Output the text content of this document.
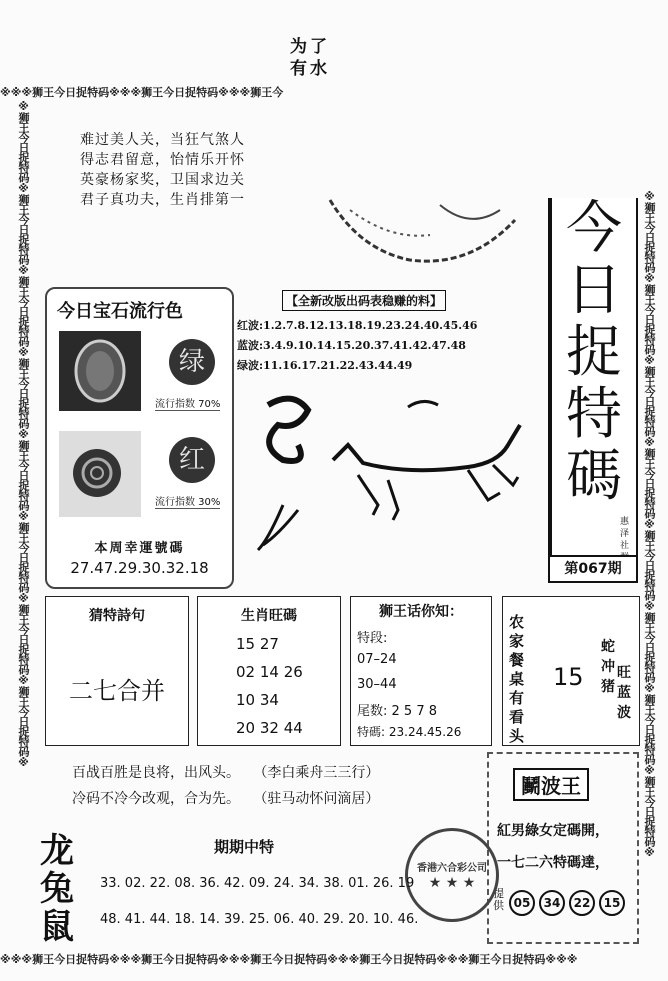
为了
有水
※※※狮王今日捉特码※※※狮王今日捉特码※※※狮王今
※※※狮王今日捉特码※※※狮王今日捉特码※※※狮王今日捉特码※※※狮王今日捉特码※※※狮王今日捉特码※※※
※狮王今日捉特码※狮王今日捉特码※狮王今日捉特码※狮王今日捉特码※狮王今日捉特码※狮王今日捉特码※狮王今日捉特码※狮王今日捉特码※	※狮王今日捉特码※狮王今日捉特码※狮王今日捉特码※狮王今日捉特码※狮王今日捉特码※狮王今日捉特码※狮王今日捉特码※狮王今日捉特码※
难过美人关，当狂气煞人
得志君留意，怡情乐开怀
英豪杨家奖，卫国求边关
君子真功夫，生肖排第一	今
日
捉
特
碼
惠泽社
第067期
今日宝石流行色
绿
流行指数 70%
红
流行指数 30%
本周幸運號碼
27.47.29.30.32.18
【全新改版出码表稳赚的料】
红波:1.2.7.8.12.13.18.19.23.24.40.45.46
蓝波:3.4.9.10.14.15.20.37.41.42.47.48
绿波:11.16.17.21.22.43.44.49
猜特詩句
二七合并
生肖旺碼
15 27
02 14 26
10 34
20 32 44
狮王话你知：
特段:
07–24
30–44
尾数: 2 5 7 8
特碼: 23.24.45.26
农家餐桌有看头
15
蛇冲猪
旺蓝波
百战百胜是良将，出风头。   （李白乘舟三三行）
冷码不冷今改观，合为先。   （驻马动怀问滴居）
鬭波王
紅男綠女定碼開，
一七二六特碼達，
提供 05	34	22	15
香港六合彩公司
★ ★ ★
龙
兔
鼠
期期中特
33. 02. 22. 08. 36. 42. 09. 24. 34. 38. 01. 26. 19
48. 41. 44. 18. 14. 39. 25. 06. 40. 29. 20. 10. 46.
